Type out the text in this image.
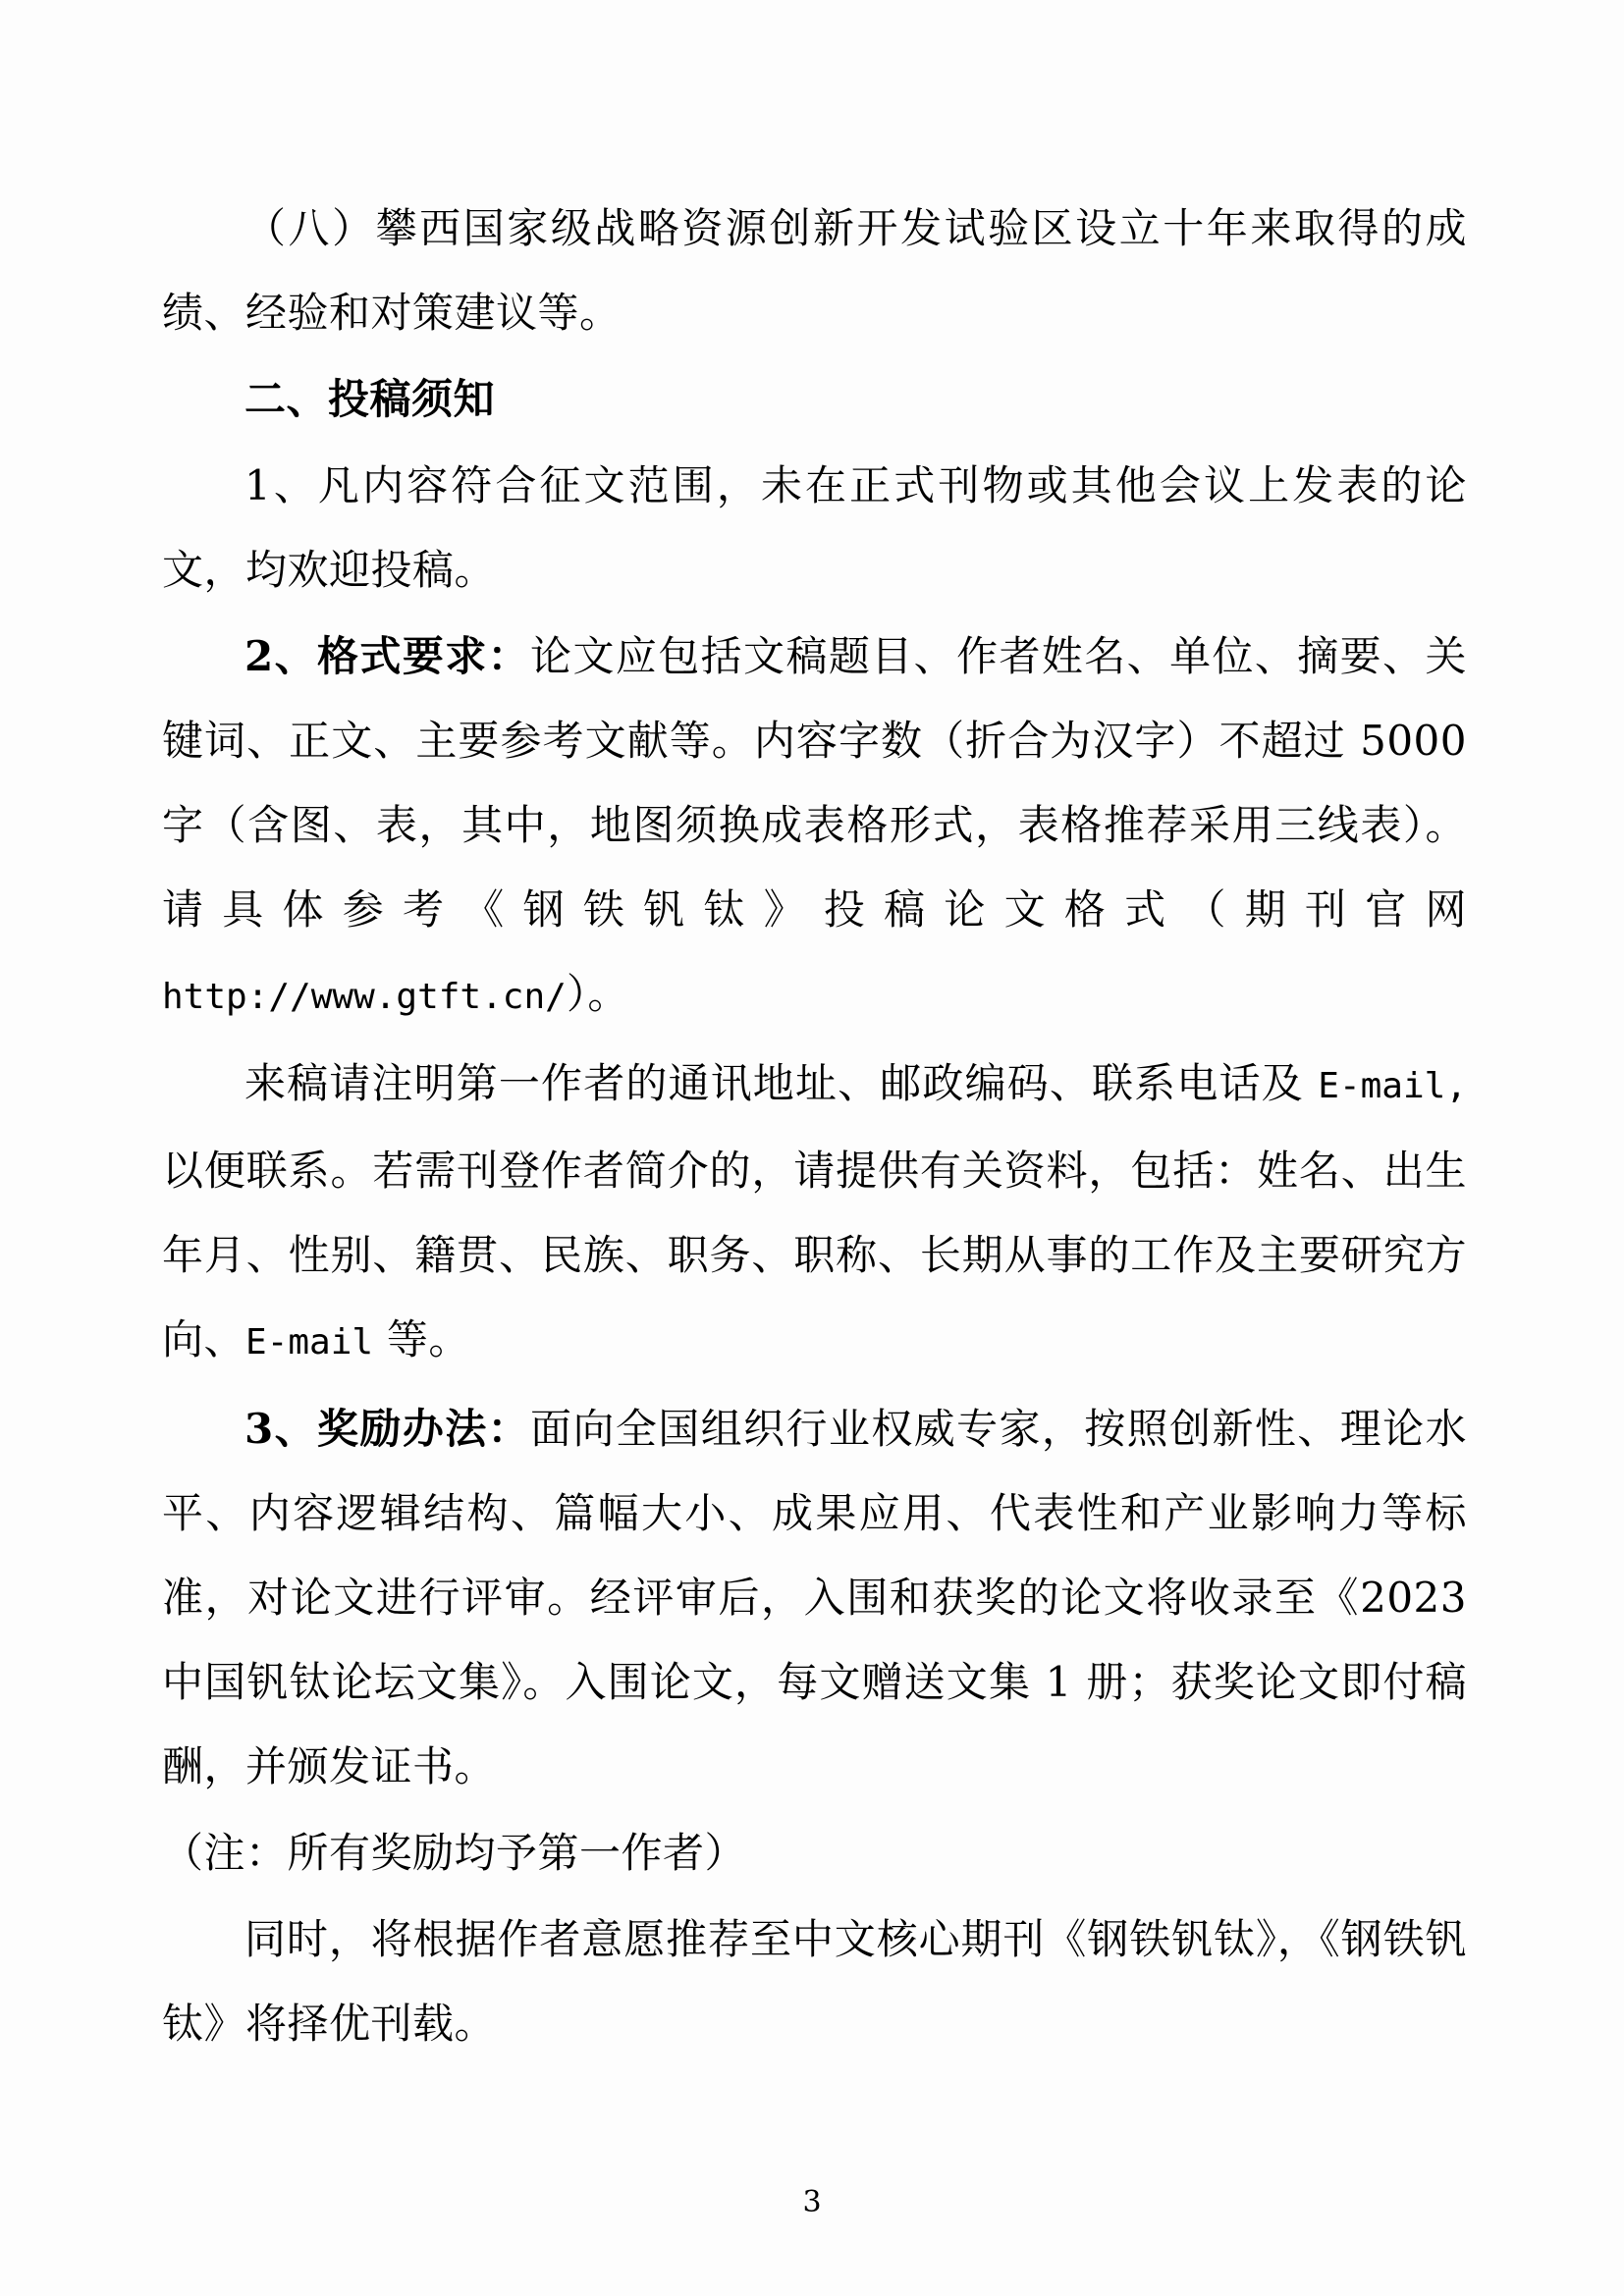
（八）攀西国家级战略资源创新开发试验区设立十年来取得的成绩、经验和对策建议等。

二、投稿须知

1、凡内容符合征文范围，未在正式刊物或其他会议上发表的论文，均欢迎投稿。

2、格式要求：论文应包括文稿题目、作者姓名、单位、摘要、关键词、正文、主要参考文献等。内容字数（折合为汉字）不超过 5000 字（含图、表，其中，地图须换成表格形式，表格推荐采用三线表）。请具体参考《钢铁钒钛》投稿论文格式（期刊官网 http://www.gtft.cn/）。

来稿请注明第一作者的通讯地址、邮政编码、联系电话及 E-mail, 以便联系。若需刊登作者简介的，请提供有关资料，包括：姓名、出生年月、性别、籍贯、民族、职务、职称、长期从事的工作及主要研究方向、E-mail 等。

3、奖励办法：面向全国组织行业权威专家，按照创新性、理论水平、内容逻辑结构、篇幅大小、成果应用、代表性和产业影响力等标准，对论文进行评审。经评审后，入围和获奖的论文将收录至《2023 中国钒钛论坛文集》。入围论文，每文赠送文集 1 册；获奖论文即付稿酬，并颁发证书。

（注：所有奖励均予第一作者）

同时，将根据作者意愿推荐至中文核心期刊《钢铁钒钛》，《钢铁钒钛》将择优刊载。

3
